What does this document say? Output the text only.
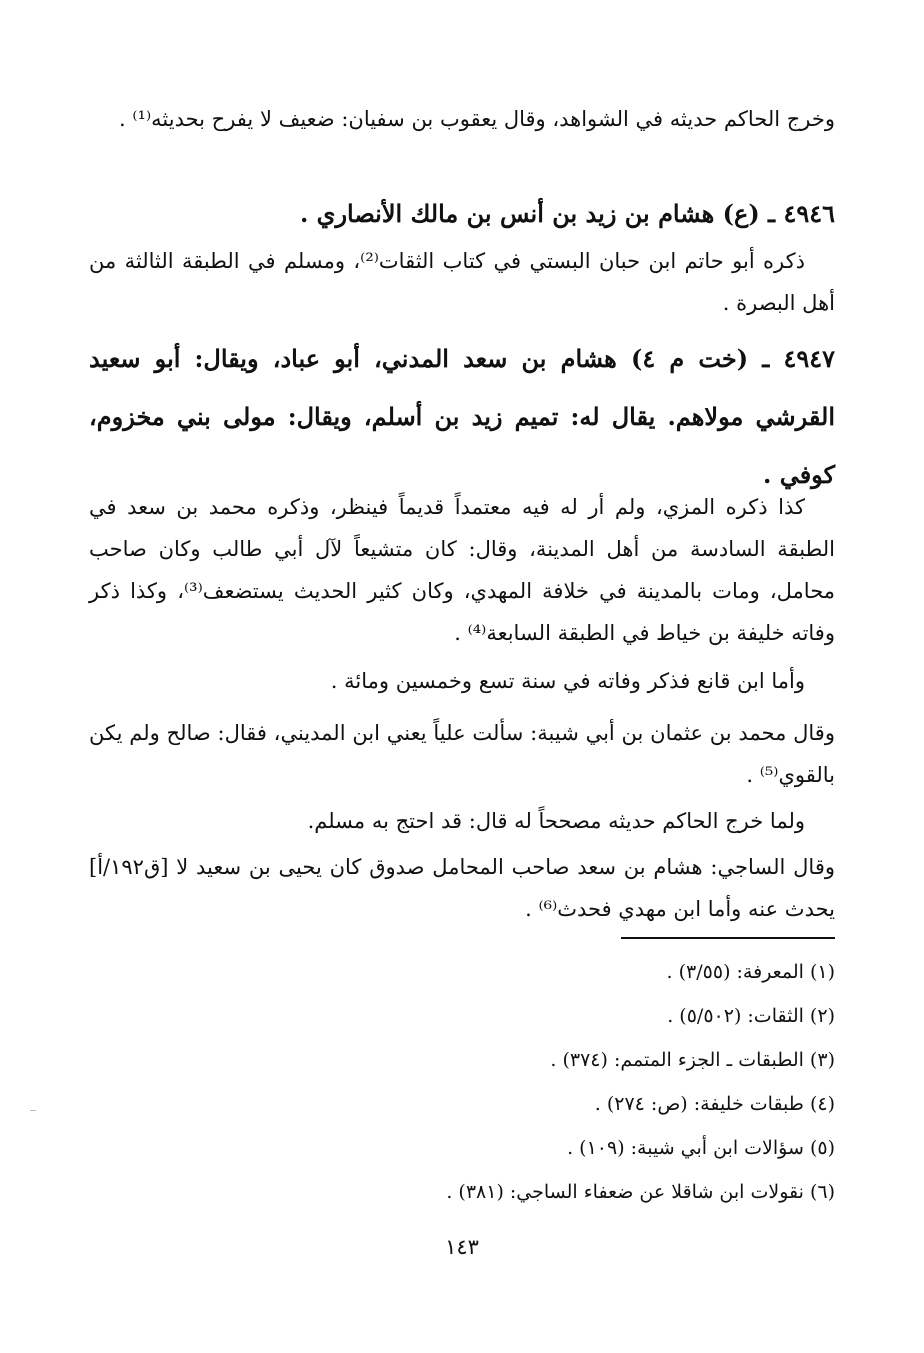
وخرج الحاكم حديثه في الشواهد، وقال يعقوب بن سفيان: ضعيف لا يفرح بحديثه⁽¹⁾ .
٤٩٤٦ ـ (ع) هشام بن زيد بن أنس بن مالك الأنصاري .
ذكره أبو حاتم ابن حبان البستي في كتاب الثقات⁽²⁾، ومسلم في الطبقة الثالثة من أهل البصرة .
٤٩٤٧ ـ (خت م ٤) هشام بن سعد المدني، أبو عباد، ويقال: أبو سعيد القرشي مولاهم. يقال له: تميم زيد بن أسلم، ويقال: مولى بني مخزوم، كوفي .
كذا ذكره المزي، ولم أر له فيه معتمداً قديماً فينظر، وذكره محمد بن سعد في الطبقة السادسة من أهل المدينة، وقال: كان متشيعاً لآل أبي طالب وكان صاحب محامل، ومات بالمدينة في خلافة المهدي، وكان كثير الحديث يستضعف⁽³⁾، وكذا ذكر وفاته خليفة بن خياط في الطبقة السابعة⁽⁴⁾ .
وأما ابن قانع فذكر وفاته في سنة تسع وخمسين ومائة .
وقال محمد بن عثمان بن أبي شيبة: سألت علياً يعني ابن المديني، فقال: صالح ولم يكن بالقوي⁽⁵⁾ .
ولما خرج الحاكم حديثه مصححاً له قال: قد احتج به مسلم.
وقال الساجي: هشام بن سعد صاحب المحامل صدوق كان يحيى بن سعيد لا [ق١٩٢/أ] يحدث عنه وأما ابن مهدي فحدث⁽⁶⁾ .
(١) المعرفة: (٣/٥٥) .
(٢) الثقات: (٥/٥٠٢) .
(٣) الطبقات ـ الجزء المتمم: (٣٧٤) .
(٤) طبقات خليفة: (ص: ٢٧٤) .
(٥) سؤالات ابن أبي شيبة: (١٠٩) .
(٦) نقولات ابن شاقلا عن ضعفاء الساجي: (٣٨١) .
١٤٣
